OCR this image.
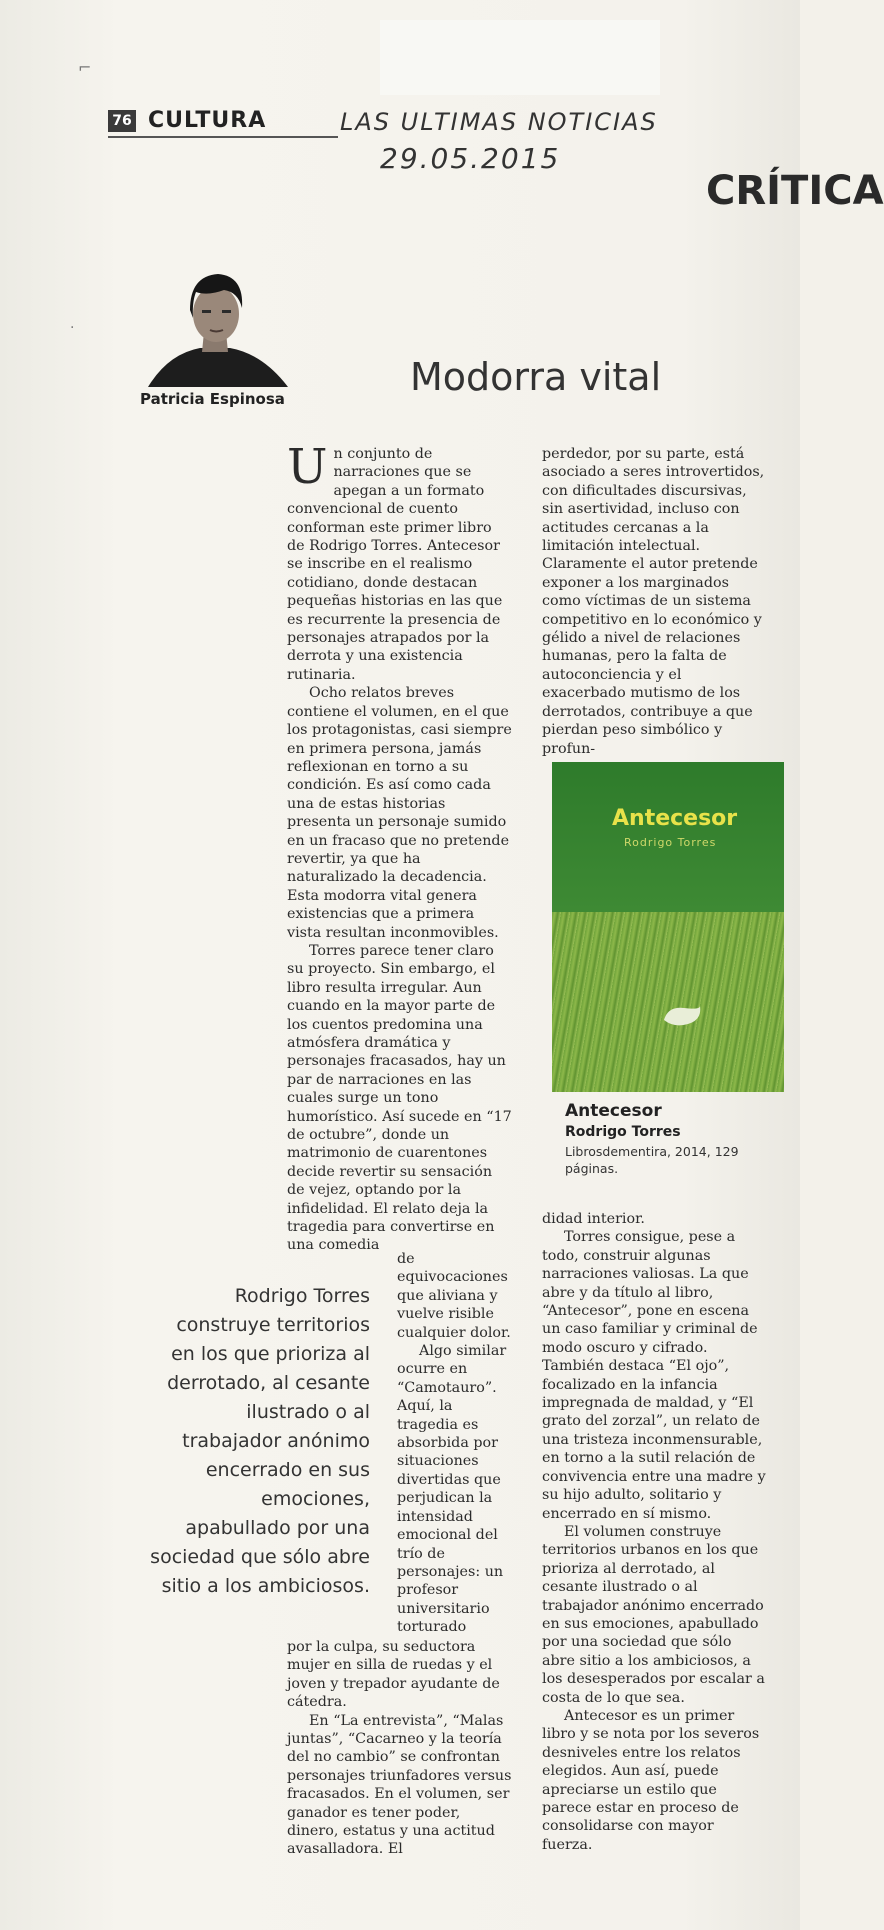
76 CULTURA	LAS ULTIMAS NOTICIAS
29.05.2015
CRÍTICA
Patricia Espinosa	Modorra vital

Un conjunto de narraciones que se apegan a un formato convencional de cuento conforman este primer libro de Rodrigo Torres. Antecesor se inscribe en el realismo cotidiano, donde destacan pequeñas historias en las que es recurrente la presencia de personajes atrapados por la derrota y una existencia rutinaria.

Ocho relatos breves contiene el volumen, en el que los protagonistas, casi siempre en primera persona, jamás reflexionan en torno a su condición. Es así como cada una de estas historias presenta un personaje sumido en un fracaso que no pretende revertir, ya que ha naturalizado la decadencia. Esta modorra vital genera existencias que a primera vista resultan inconmovibles.

Torres parece tener claro su proyecto. Sin embargo, el libro resulta irregular. Aun cuando en la mayor parte de los cuentos predomina una atmósfera dramática y personajes fracasados, hay un par de narraciones en las cuales surge un tono humorístico. Así sucede en “17 de octubre”, donde un matrimonio de cuarentones decide revertir su sensación de vejez, optando por la infidelidad. El relato deja la tragedia para convertirse en una comedia

de equivocaciones que aliviana y vuelve risible cualquier dolor.

Algo similar ocurre en “Camotauro”. Aquí, la tragedia es absorbida por situaciones divertidas que perjudican la intensidad emocional del trío de personajes: un profesor universitario torturado

Rodrigo Torres construye territorios en los que prioriza al derrotado, al cesante ilustrado o al trabajador anónimo encerrado en sus emociones, apabullado por una sociedad que sólo abre sitio a los ambiciosos.

por la culpa, su seductora mujer en silla de ruedas y el joven y trepador ayudante de cátedra.

En “La entrevista”, “Malas juntas”, “Cacarneo y la teoría del no cambio” se confrontan personajes triunfadores versus fracasados. En el volumen, ser ganador es tener poder, dinero, estatus y una actitud avasalladora. El

perdedor, por su parte, está asociado a seres introvertidos, con dificultades discursivas, sin asertividad, incluso con actitudes cercanas a la limitación intelectual. Claramente el autor pretende exponer a los marginados como víctimas de un sistema competitivo en lo económico y gélido a nivel de relaciones humanas, pero la falta de autoconciencia y el exacerbado mutismo de los derrotados, contribuye a que pierdan peso simbólico y profun-

Antecesor
Rodrigo Torres
Antecesor
Rodrigo Torres
Librosdementira, 2014, 129 páginas.

didad interior.

Torres consigue, pese a todo, construir algunas narraciones valiosas. La que abre y da título al libro, “Antecesor”, pone en escena un caso familiar y criminal de modo oscuro y cifrado. También destaca “El ojo”, focalizado en la infancia impregnada de maldad, y “El grato del zorzal”, un relato de una tristeza inconmensurable, en torno a la sutil relación de convivencia entre una madre y su hijo adulto, solitario y encerrado en sí mismo.

El volumen construye territorios urbanos en los que prioriza al derrotado, al cesante ilustrado o al trabajador anónimo encerrado en sus emociones, apabullado por una sociedad que sólo abre sitio a los ambiciosos, a los desesperados por escalar a costa de lo que sea.

Antecesor es un primer libro y se nota por los severos desniveles entre los relatos elegidos. Aun así, puede apreciarse un estilo que parece estar en proceso de consolidarse con mayor fuerza.

⌐
·
